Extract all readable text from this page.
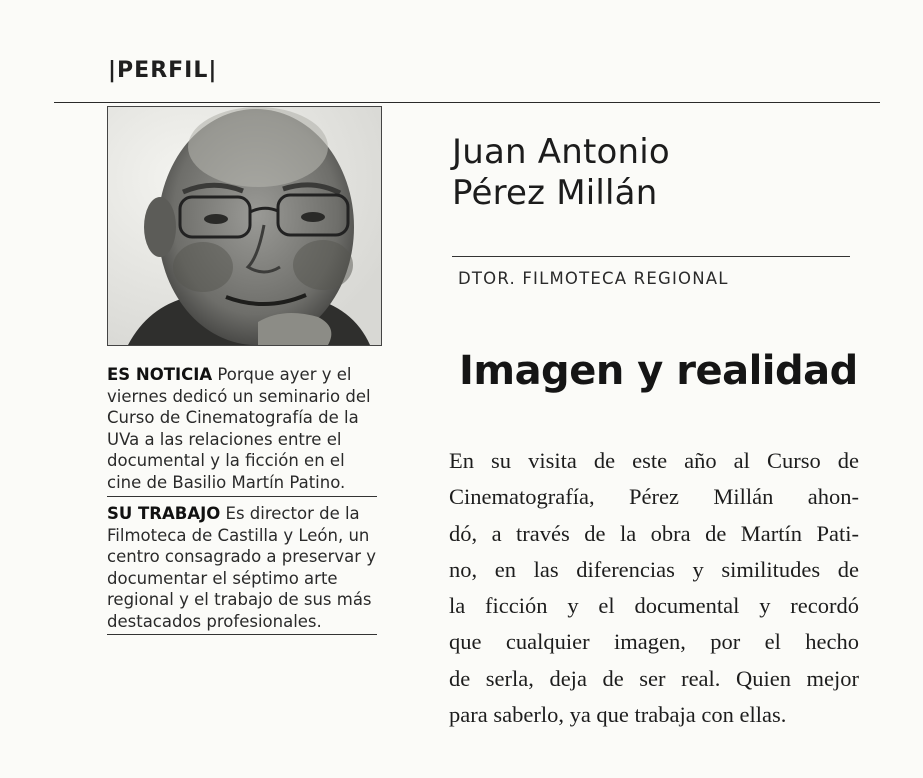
|PERFIL|

ES NOTICIA Porque ayer y el viernes dedicó un seminario del Curso de Cinematografía de la UVa a las relaciones entre el documental y la ficción en el cine de Basilio Martín Patino.

SU TRABAJO Es director de la Filmoteca de Castilla y León, un centro consagrado a preservar y documentar el séptimo arte regional y el trabajo de sus más destacados profesionales.

Juan Antonio
Pérez Millán
DTOR. FILMOTECA REGIONAL
Imagen y realidad
En su visita de este año al Curso de
Cinematografía, Pérez Millán ahon-
dó, a través de la obra de Martín Pati-
no, en las diferencias y similitudes de
la ficción y el documental y recordó
que cualquier imagen, por el hecho
de serla, deja de ser real. Quien mejor
para saberlo, ya que trabaja con ellas.
